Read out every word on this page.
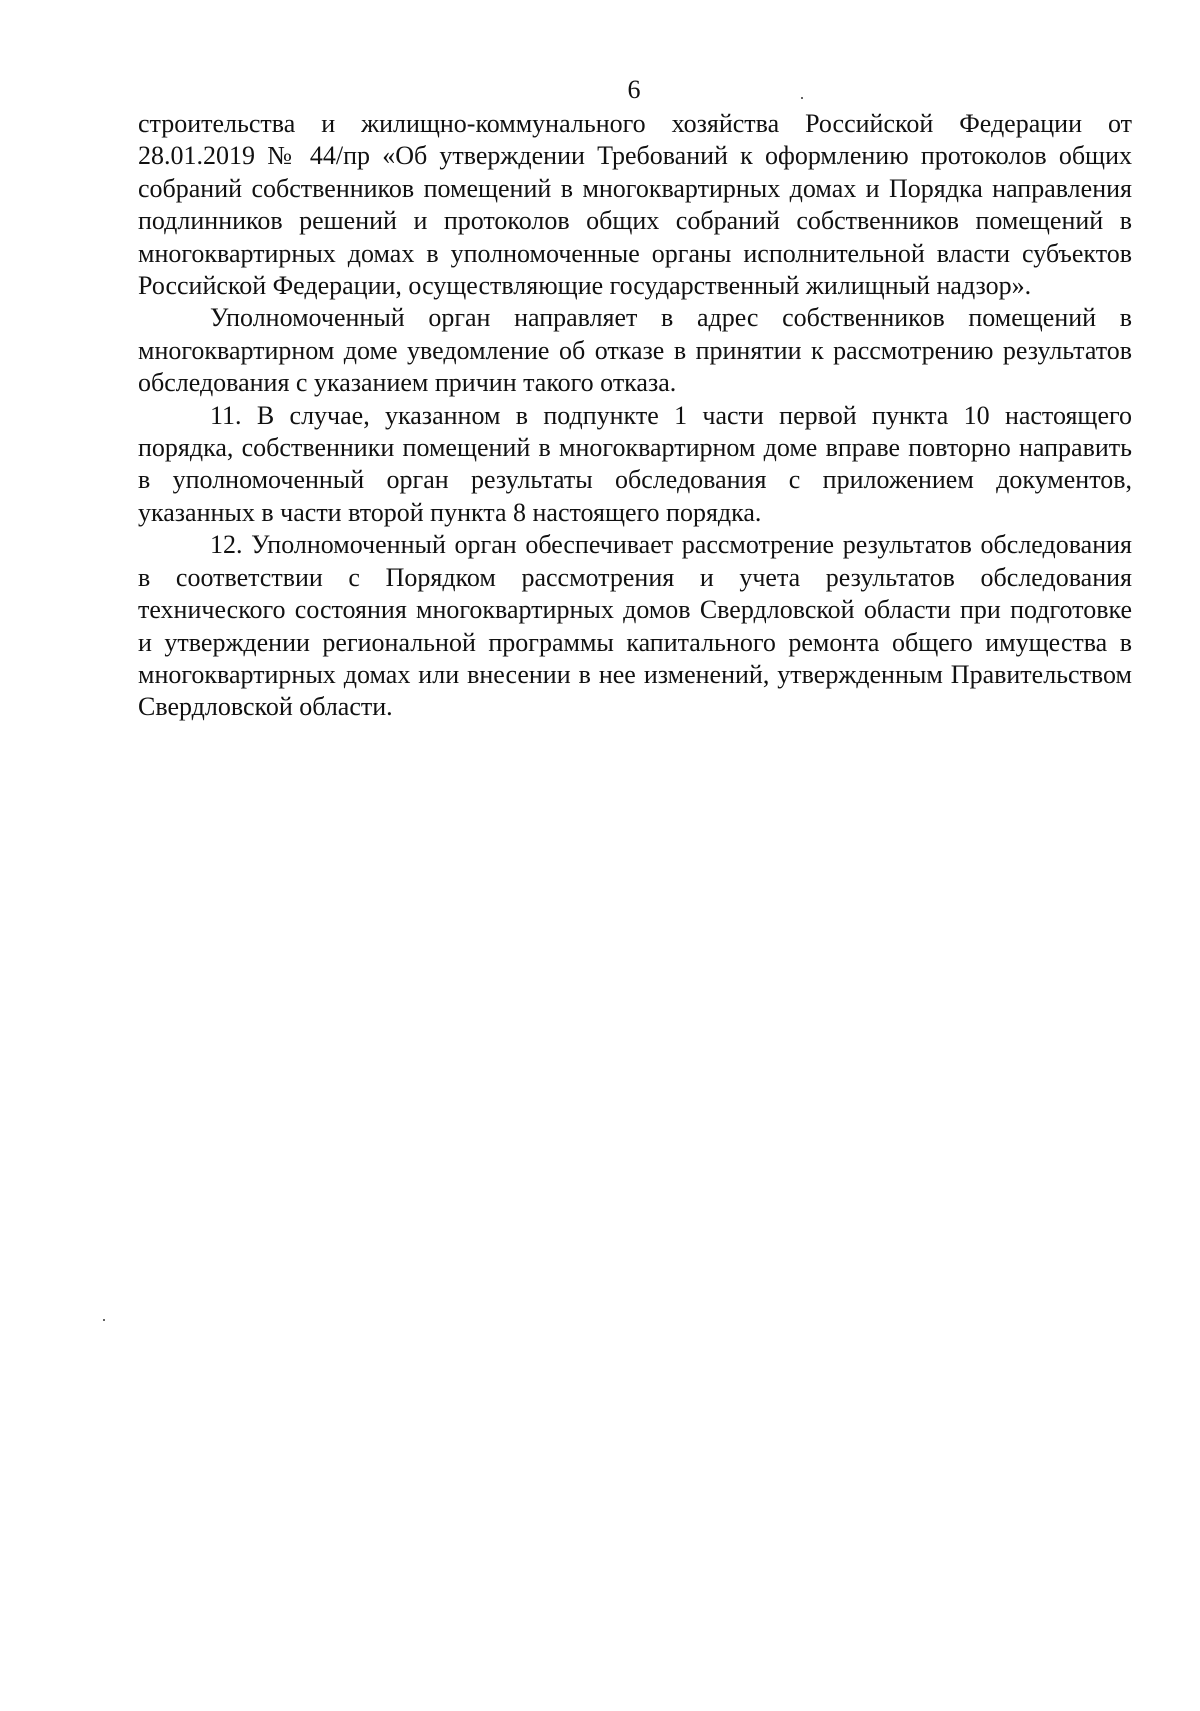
6

строительства и жилищно-коммунального хозяйства Российской Федерации от 28.01.2019 № 44/пр «Об утверждении Требований к оформлению протоколов общих собраний собственников помещений в многоквартирных домах и Порядка направления подлинников решений и протоколов общих собраний собственников помещений в многоквартирных домах в уполномоченные органы исполнительной власти субъектов Российской Федерации, осуществляющие государственный жилищный надзор».

Уполномоченный орган направляет в адрес собственников помещений в многоквартирном доме уведомление об отказе в принятии к рассмотрению результатов обследования с указанием причин такого отказа.

11. В случае, указанном в подпункте 1 части первой пункта 10 настоящего порядка, собственники помещений в многоквартирном доме вправе повторно направить в уполномоченный орган результаты обследования с приложением документов, указанных в части второй пункта 8 настоящего порядка.

12. Уполномоченный орган обеспечивает рассмотрение результатов обследования в соответствии с Порядком рассмотрения и учета результатов обследования технического состояния многоквартирных домов Свердловской области при подготовке и утверждении региональной программы капитального ремонта общего имущества в многоквартирных домах или внесении в нее изменений, утвержденным Правительством Свердловской области.
